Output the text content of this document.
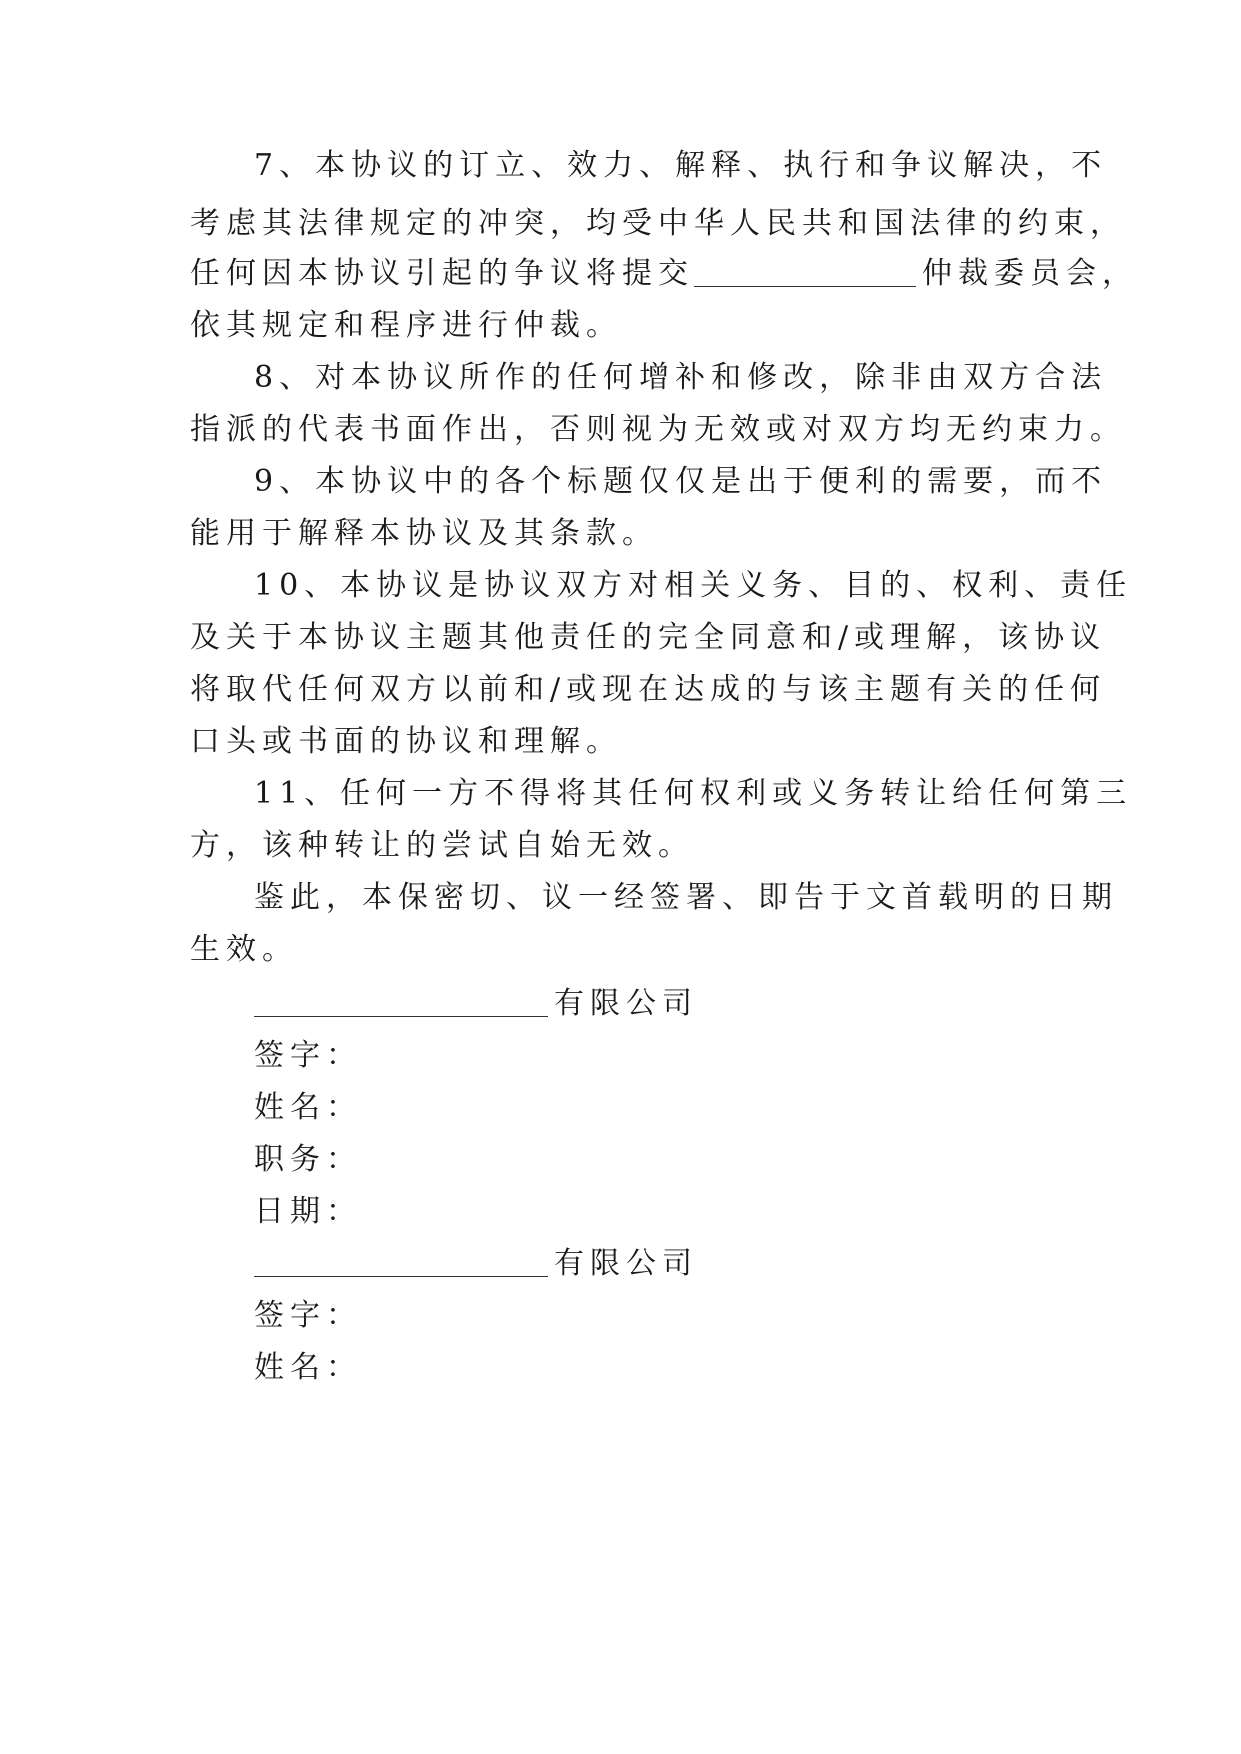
7、本协议的订立、效力、解释、执行和争议解决，不
考虑其法律规定的冲突，均受中华人民共和国法律的约束，
任何因本协议引起的争议将提交	仲裁委员会，
依其规定和程序进行仲裁。
8、对本协议所作的任何增补和修改，除非由双方合法
指派的代表书面作出，否则视为无效或对双方均无约束力。
9、本协议中的各个标题仅仅是出于便利的需要，而不
能用于解释本协议及其条款。
10、本协议是协议双方对相关义务、目的、权利、责任
及关于本协议主题其他责任的完全同意和/或理解，该协议
将取代任何双方以前和/或现在达成的与该主题有关的任何
口头或书面的协议和理解。
11、任何一方不得将其任何权利或义务转让给任何第三
方，该种转让的尝试自始无效。
鉴此，本保密切、议一经签署、即告于文首载明的日期
生效。
有限公司
签字：
姓名：
职务：
日期：
有限公司
签字：
姓名：
